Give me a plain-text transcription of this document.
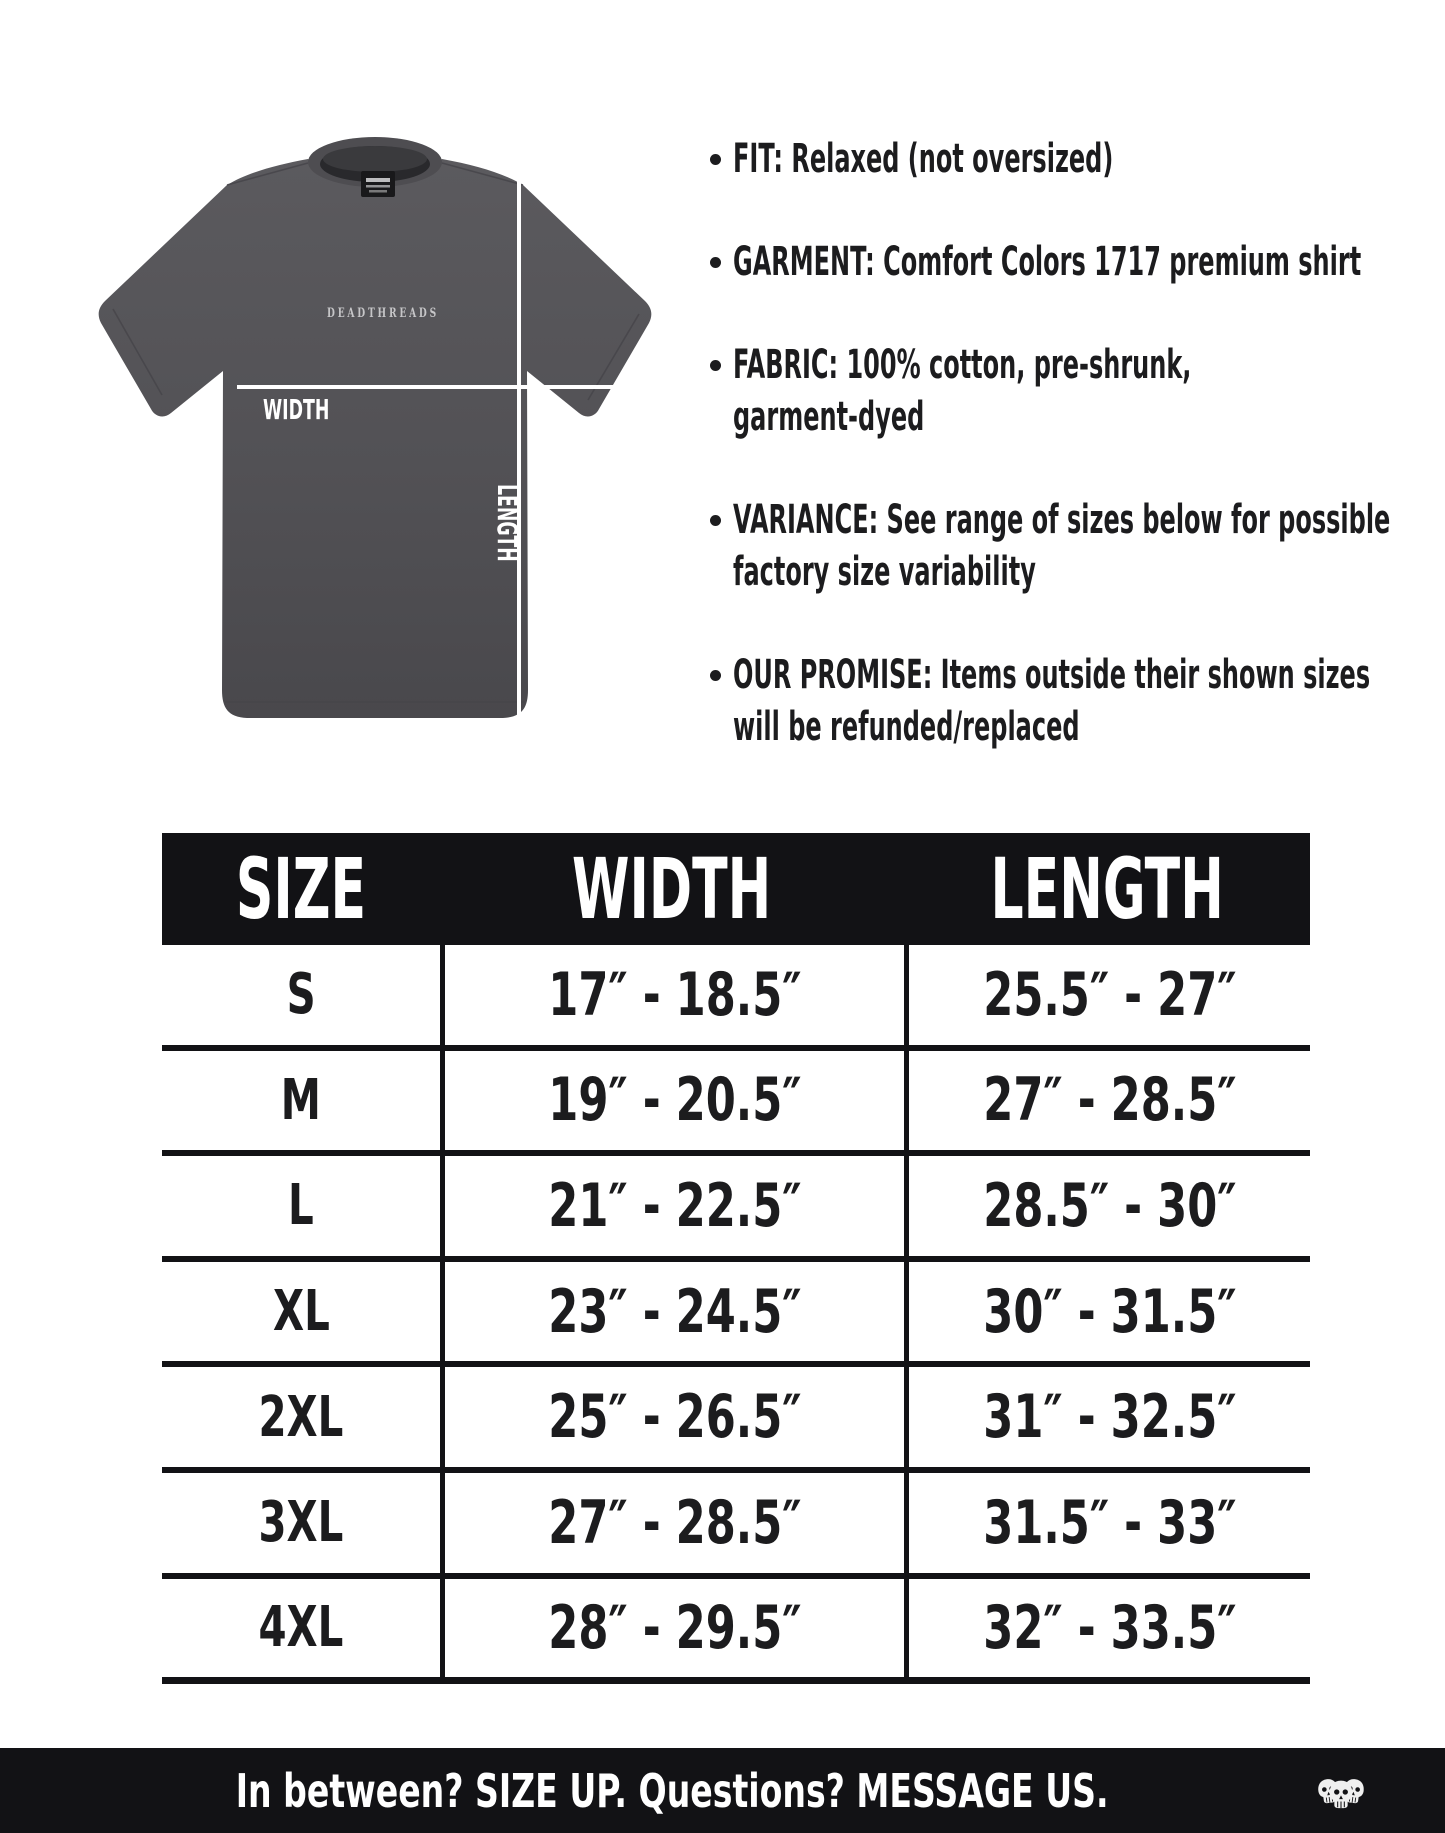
DEADTHREADS
WIDTH
LENGTH
FIT: Relaxed (not oversized)
GARMENT: Comfort Colors 1717 premium shirt
FABRIC: 100% cotton, pre-shrunk,
garment-dyed
VARIANCE: See range of sizes below for possible
factory size variability
OUR PROMISE: Items outside their shown sizes
will be refunded/replaced
SIZE	WIDTH	LENGTH
S	17″ - 18.5″	25.5″ - 27″
M	19″ - 20.5″	27″ - 28.5″
L	21″ - 22.5″	28.5″ - 30″
XL	23″ - 24.5″	30″ - 31.5″
2XL	25″ - 26.5″	31″ - 32.5″
3XL	27″ - 28.5″	31.5″ - 33″
4XL	28″ - 29.5″	32″ - 33.5″
In between? SIZE UP. Questions? MESSAGE US.
